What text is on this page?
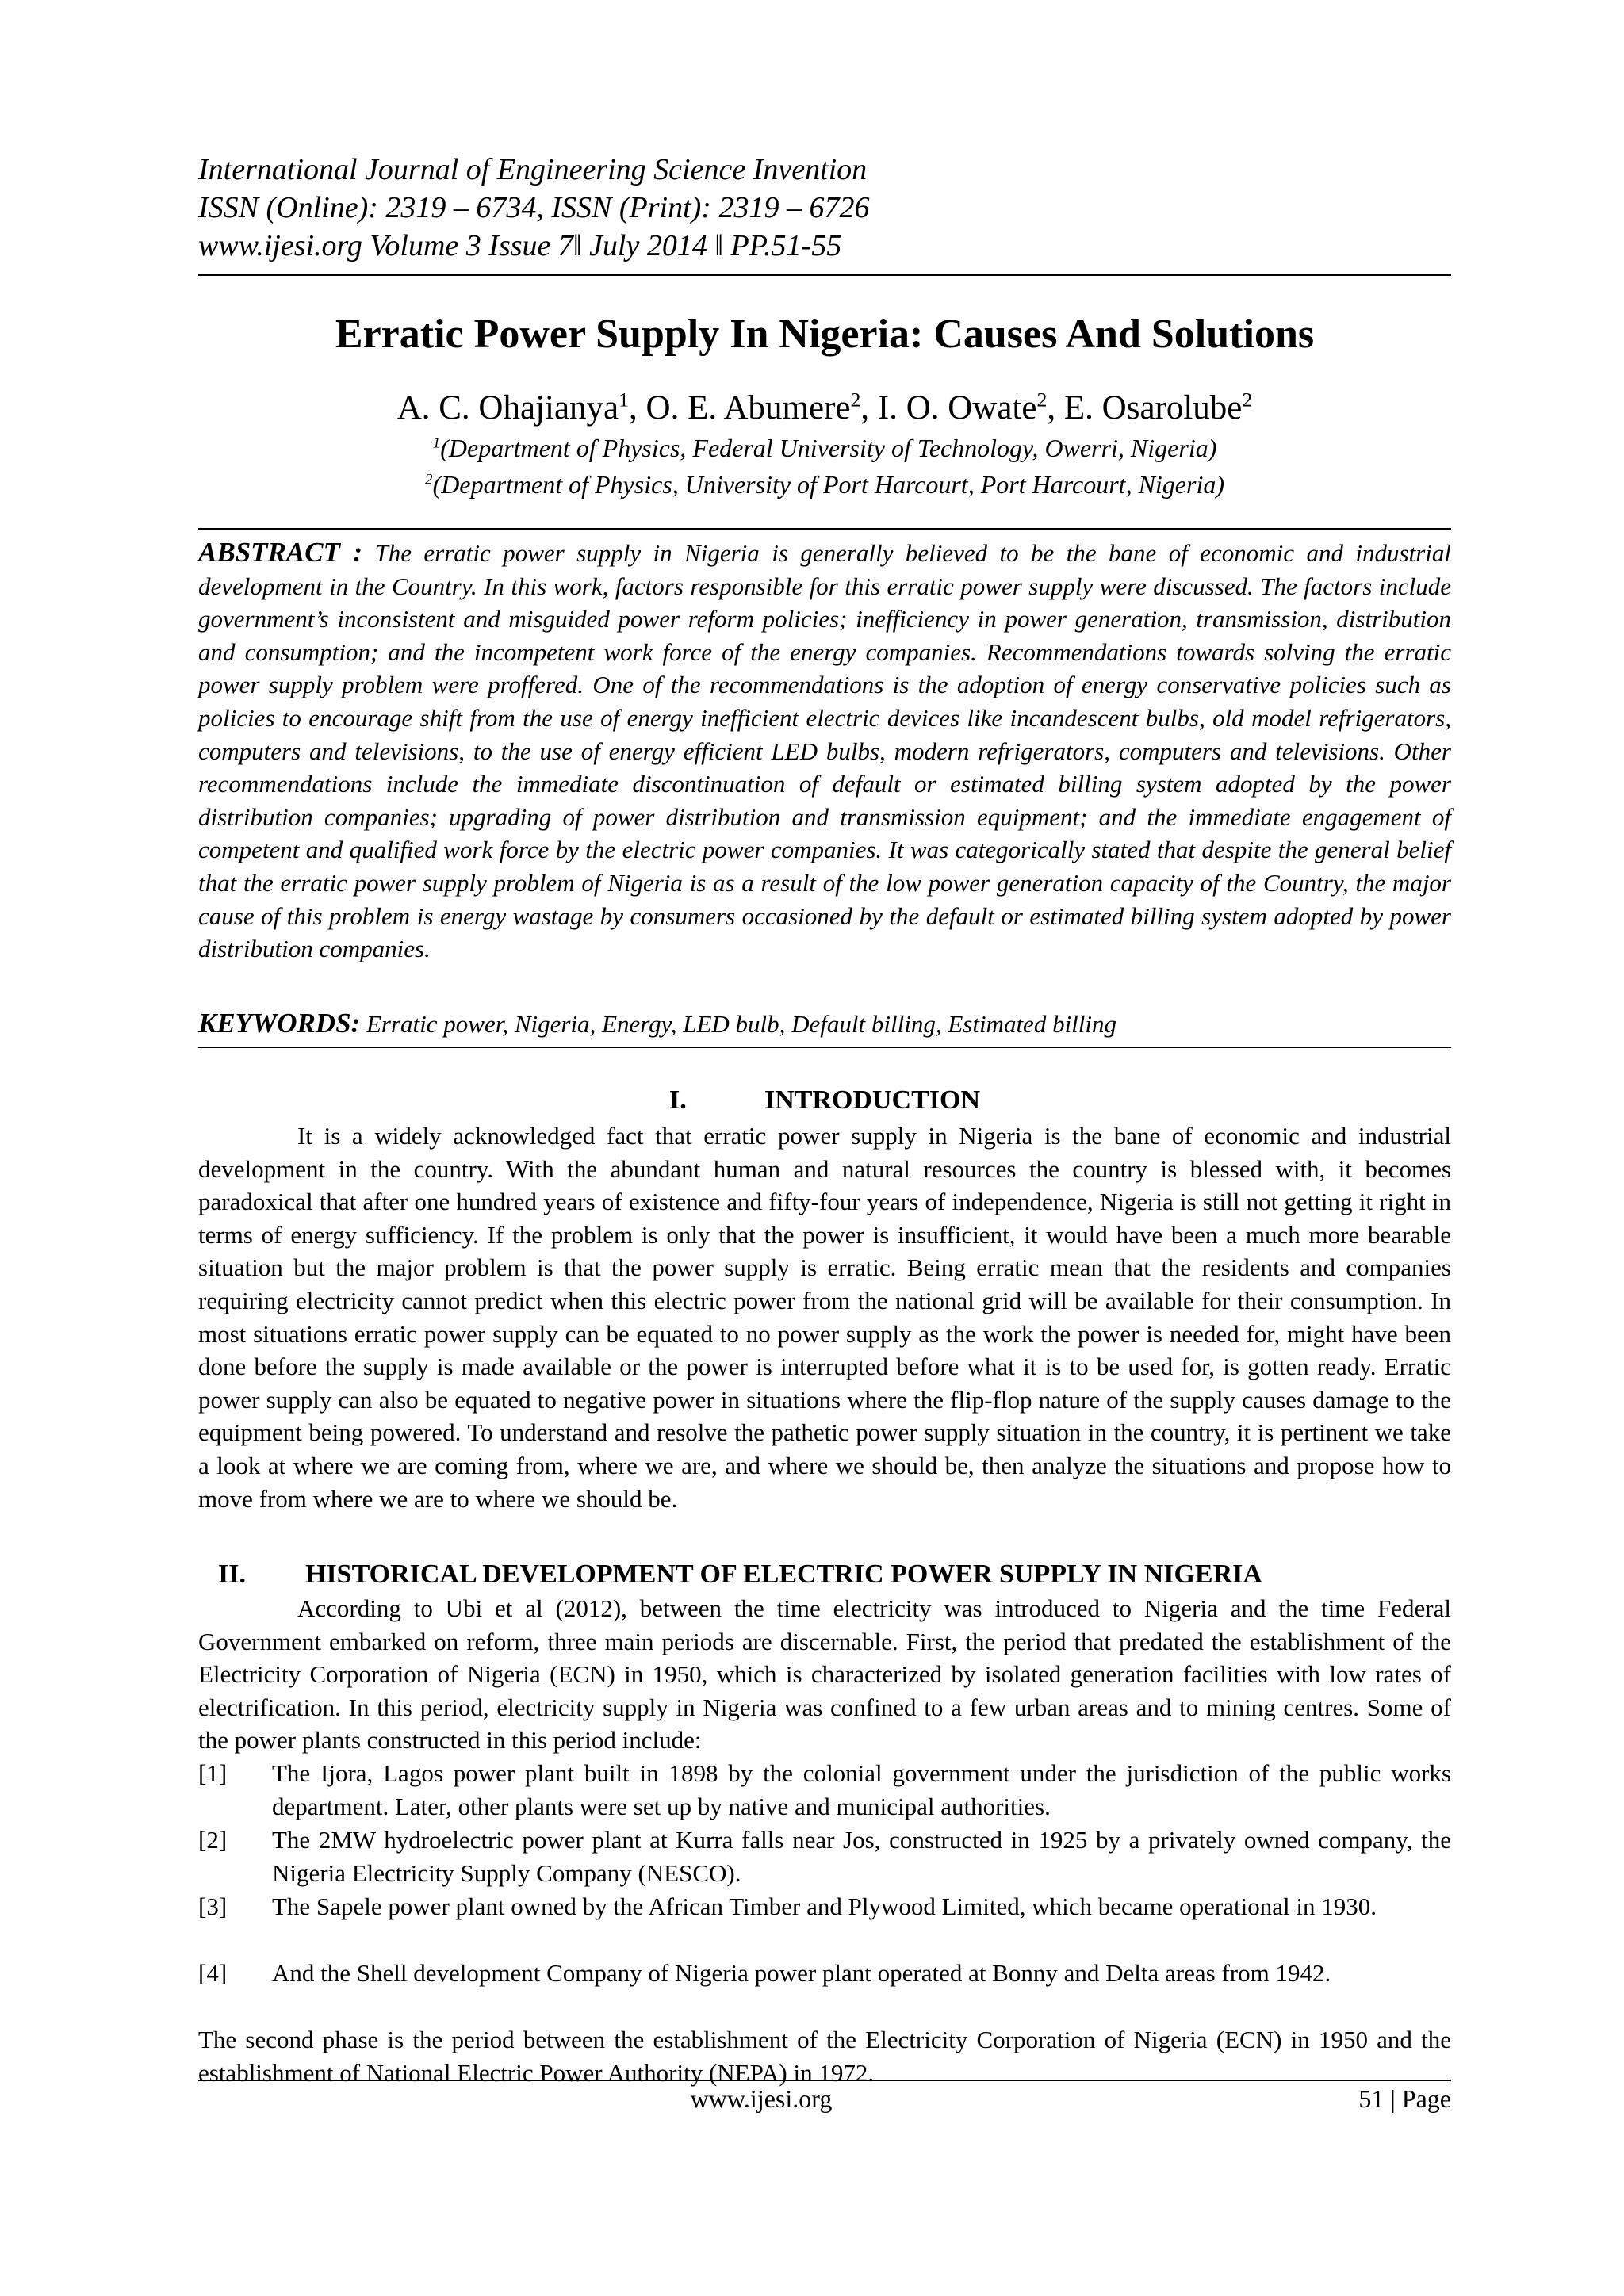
International Journal of Engineering Science Invention
ISSN (Online): 2319 – 6734, ISSN (Print): 2319 – 6726
www.ijesi.org Volume 3 Issue 7‖ July 2014 ‖ PP.51-55
Erratic Power Supply In Nigeria: Causes And Solutions
A. C. Ohajianya$^1$, O. E. Abumere$^2$, I. O. Owate$^2$, E. Osarolube$^2$
$^1$(Department of Physics, Federal University of Technology, Owerri, Nigeria)
$^2$(Department of Physics, University of Port Harcourt, Port Harcourt, Nigeria)
ABSTRACT : The erratic power supply in Nigeria is generally believed to be the bane of economic and industrial development in the Country. In this work, factors responsible for this erratic power supply were discussed. The factors include government’s inconsistent and misguided power reform policies; inefficiency in power generation, transmission, distribution and consumption; and the incompetent work force of the energy companies. Recommendations towards solving the erratic power supply problem were proffered. One of the recommendations is the adoption of energy conservative policies such as policies to encourage shift from the use of energy inefficient electric devices like incandescent bulbs, old model refrigerators, computers and televisions, to the use of energy efficient LED bulbs, modern refrigerators, computers and televisions. Other recommendations include the immediate discontinuation of default or estimated billing system adopted by the power distribution companies; upgrading of power distribution and transmission equipment; and the immediate engagement of competent and qualified work force by the electric power companies. It was categorically stated that despite the general belief that the erratic power supply problem of Nigeria is as a result of the low power generation capacity of the Country, the major cause of this problem is energy wastage by consumers occasioned by the default or estimated billing system adopted by power distribution companies.
KEYWORDS: Erratic power, Nigeria, Energy, LED bulb, Default billing, Estimated billing
I.	INTRODUCTION
It is a widely acknowledged fact that erratic power supply in Nigeria is the bane of economic and industrial development in the country. With the abundant human and natural resources the country is blessed with, it becomes paradoxical that after one hundred years of existence and fifty-four years of independence, Nigeria is still not getting it right in terms of energy sufficiency. If the problem is only that the power is insufficient, it would have been a much more bearable situation but the major problem is that the power supply is erratic. Being erratic mean that the residents and companies requiring electricity cannot predict when this electric power from the national grid will be available for their consumption. In most situations erratic power supply can be equated to no power supply as the work the power is needed for, might have been done before the supply is made available or the power is interrupted before what it is to be used for, is gotten ready. Erratic power supply can also be equated to negative power in situations where the flip-flop nature of the supply causes damage to the equipment being powered. To understand and resolve the pathetic power supply situation in the country, it is pertinent we take a look at where we are coming from, where we are, and where we should be, then analyze the situations and propose how to move from where we are to where we should be.
II. HISTORICAL DEVELOPMENT OF ELECTRIC POWER SUPPLY IN NIGERIA
According to Ubi et al (2012), between the time electricity was introduced to Nigeria and the time Federal Government embarked on reform, three main periods are discernable. First, the period that predated the establishment of the Electricity Corporation of Nigeria (ECN) in 1950, which is characterized by isolated generation facilities with low rates of electrification. In this period, electricity supply in Nigeria was confined to a few urban areas and to mining centres. Some of the power plants constructed in this period include:
[1] The Ijora, Lagos power plant built in 1898 by the colonial government under the jurisdiction of the public works department. Later, other plants were set up by native and municipal authorities.
[2] The 2MW hydroelectric power plant at Kurra falls near Jos, constructed in 1925 by a privately owned company, the Nigeria Electricity Supply Company (NESCO).
[3] The Sapele power plant owned by the African Timber and Plywood Limited, which became operational in 1930.
[4] And the Shell development Company of Nigeria power plant operated at Bonny and Delta areas from 1942.
The second phase is the period between the establishment of the Electricity Corporation of Nigeria (ECN) in 1950 and the establishment of National Electric Power Authority (NEPA) in 1972.
www.ijesi.org	51 | Page
